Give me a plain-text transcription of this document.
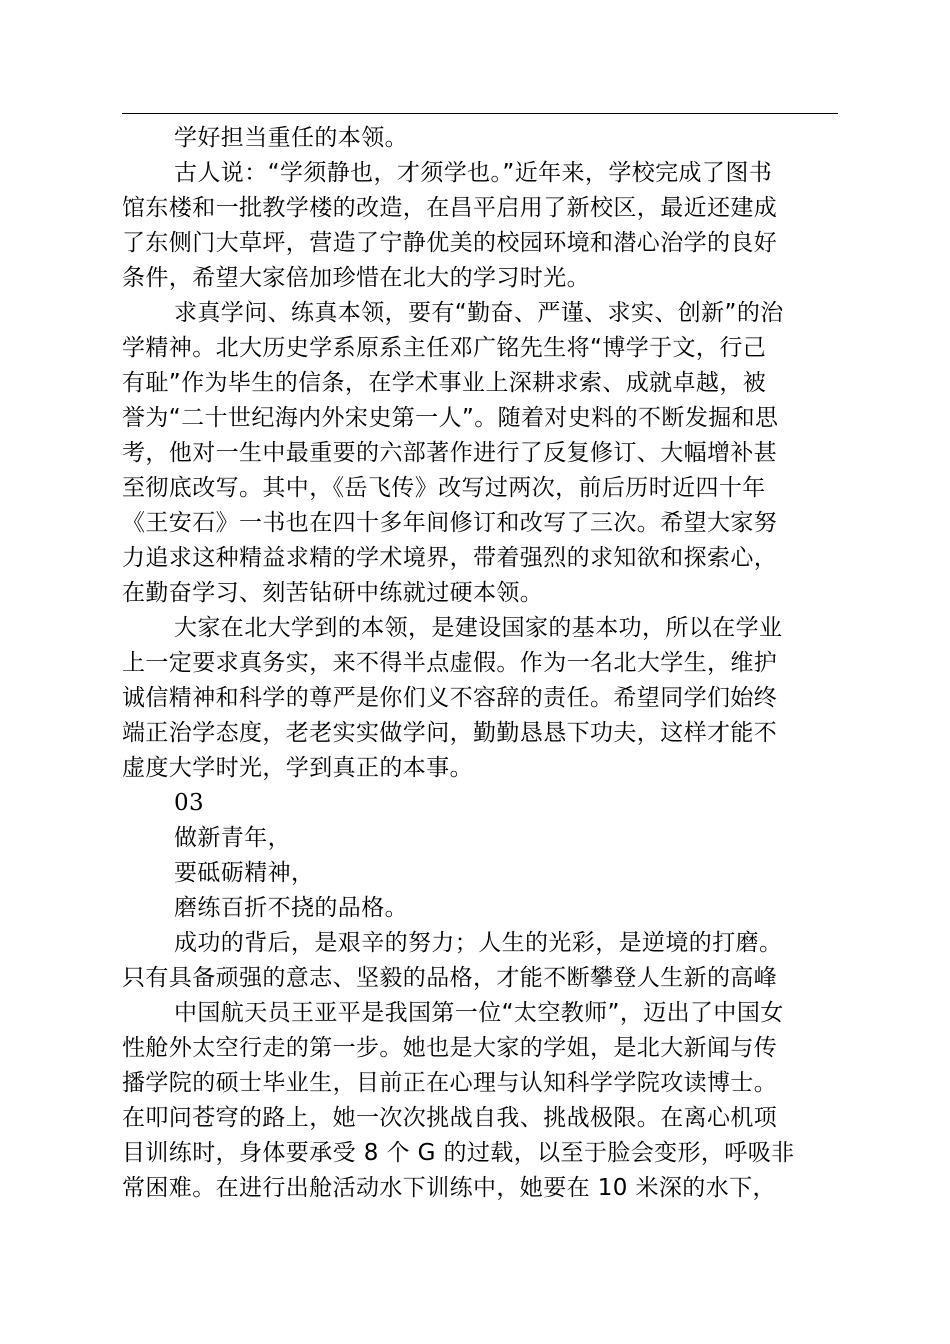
学好担当重任的本领。
古人说：“学须静也，才须学也。”近年来，学校完成了图书
馆东楼和一批教学楼的改造，在昌平启用了新校区，最近还建成
了东侧门大草坪，营造了宁静优美的校园环境和潜心治学的良好
条件，希望大家倍加珍惜在北大的学习时光。
求真学问、练真本领，要有“勤奋、严谨、求实、创新”的治
学精神。北大历史学系原系主任邓广铭先生将“博学于文，行己
有耻”作为毕生的信条，在学术事业上深耕求索、成就卓越，被
誉为“二十世纪海内外宋史第一人”。随着对史料的不断发掘和思
考，他对一生中最重要的六部著作进行了反复修订、大幅增补甚
至彻底改写。其中，《岳飞传》改写过两次，前后历时近四十年
《王安石》一书也在四十多年间修订和改写了三次。希望大家努
力追求这种精益求精的学术境界，带着强烈的求知欲和探索心，
在勤奋学习、刻苦钻研中练就过硬本领。
大家在北大学到的本领，是建设国家的基本功，所以在学业
上一定要求真务实，来不得半点虚假。作为一名北大学生，维护
诚信精神和科学的尊严是你们义不容辞的责任。希望同学们始终
端正治学态度，老老实实做学问，勤勤恳恳下功夫，这样才能不
虚度大学时光，学到真正的本事。
03
做新青年，
要砥砺精神，
磨练百折不挠的品格。
成功的背后，是艰辛的努力；人生的光彩，是逆境的打磨。
只有具备顽强的意志、坚毅的品格，才能不断攀登人生新的高峰
中国航天员王亚平是我国第一位“太空教师”，迈出了中国女
性舱外太空行走的第一步。她也是大家的学姐，是北大新闻与传
播学院的硕士毕业生，目前正在心理与认知科学学院攻读博士。
在叩问苍穹的路上，她一次次挑战自我、挑战极限。在离心机项
目训练时，身体要承受 8 个 G 的过载，以至于脸会变形，呼吸非
常困难。在进行出舱活动水下训练中，她要在 10 米深的水下，
